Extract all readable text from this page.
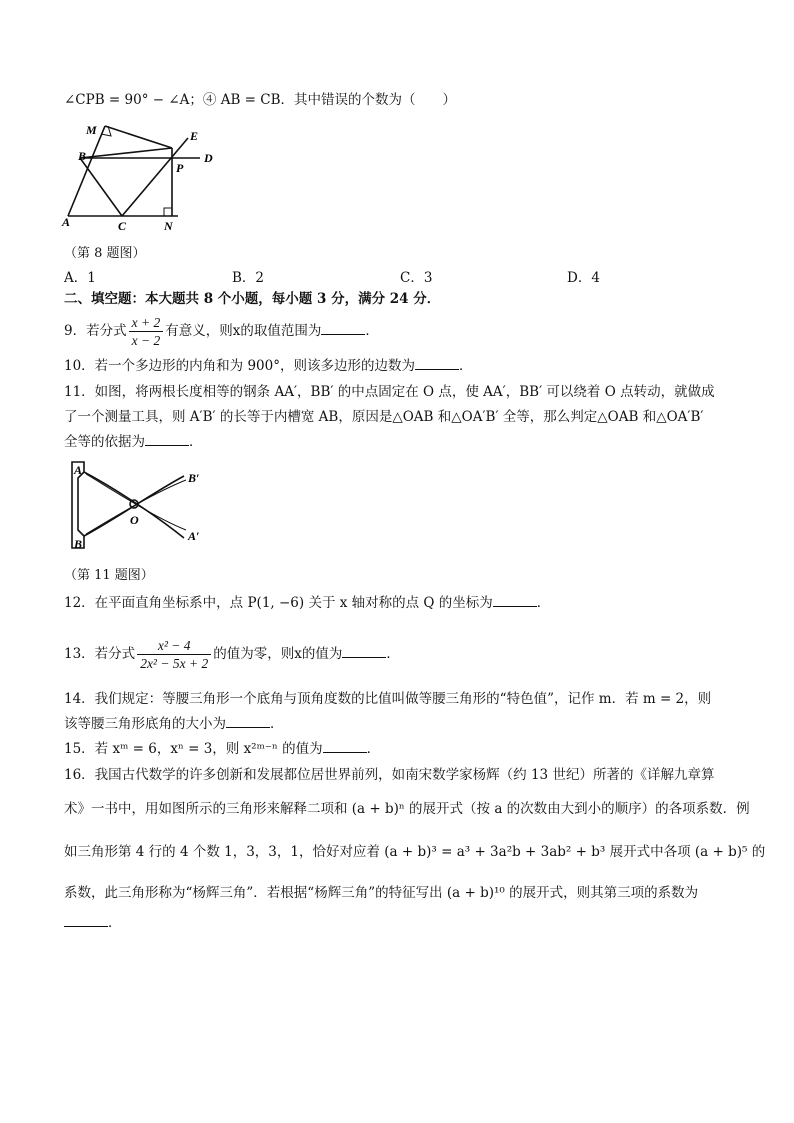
∠CPB = 90° − ∠A；④ AB = CB．其中错误的个数为（　　）
M	E
B	D
P
A	C	N
（第 8 题图）
A．1	B．2	C．3	D．4
二、填空题：本大题共 8 个小题，每小题 3 分，满分 24 分．
9．若分式 $\frac{x + 2}{x - 2}$ 有意义，则x的取值范围为	．
10．若一个多边形的内角和为 900°，则该多边形的边数为	．
11．如图，将两根长度相等的钢条 AA′，BB′ 的中点固定在 O 点，使 AA′，BB′ 可以绕着 O 点转动，就做成
了一个测量工具，则 A′B′ 的长等于内槽宽 AB，原因是△OAB 和△OA′B′ 全等，那么判定△OAB 和△OA′B′
全等的依据为	．
A
B
O
B′
A′
（第 11 题图）
12．在平面直角坐标系中，点 P(1, −6) 关于 x 轴对称的点 Q 的坐标为	．
13．若分式 $\frac{\text{x² − 4}}{\text{2x² − 5x + 2}}$ 的值为零，则x的值为	．
14．我们规定：等腰三角形一个底角与顶角度数的比值叫做等腰三角形的“特色值”，记作 m．若 m = 2，则
该等腰三角形底角的大小为	．
15．若 xᵐ = 6，xⁿ = 3，则 x²ᵐ⁻ⁿ 的值为	．
16．我国古代数学的许多创新和发展都位居世界前列，如南宋数学家杨辉（约 13 世纪）所著的《详解九章算
术》一书中，用如图所示的三角形来解释二项和 (a + b)ⁿ 的展开式（按 a 的次数由大到小的顺序）的各项系数．例
如三角形第 4 行的 4 个数 1，3，3，1，恰好对应着 (a + b)³ = a³ + 3a²b + 3ab² + b³ 展开式中各项 (a + b)⁵ 的
系数，此三角形称为“杨辉三角”．若根据“杨辉三角”的特征写出 (a + b)¹⁰ 的展开式，则其第三项的系数为
．
